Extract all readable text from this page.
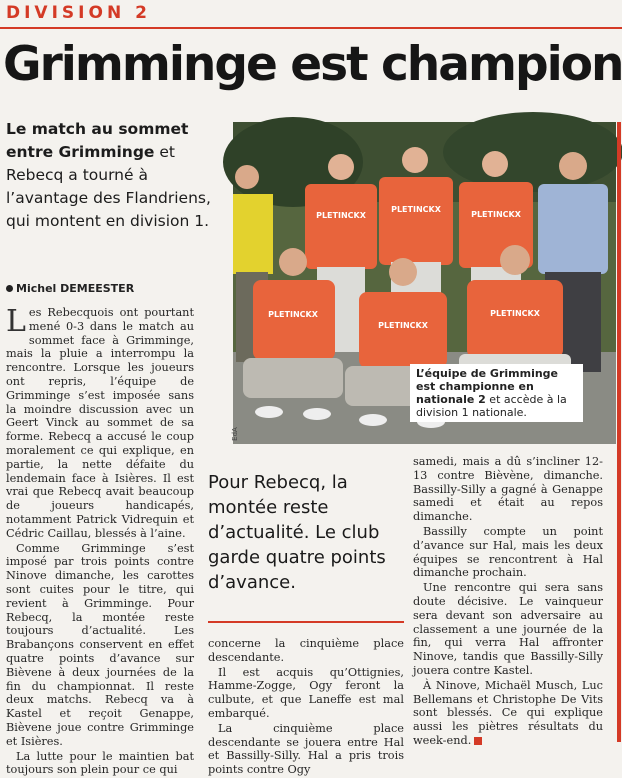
DIVISION 2
Grimminge est champion
Le match au sommet entre Grimminge et Rebecq a tourné à l’avantage des Flandriens, qui montent en division 1.
Michel DEMEESTER

Les Rebecquois ont pourtant mené 0-3 dans le match au sommet face à Grimminge, mais la pluie a interrompu la rencontre. Lorsque les joueurs ont repris, l’équipe de Grimminge s’est imposée sans la moindre discussion avec un Geert Vinck au sommet de sa forme. Rebecq a accusé le coup moralement ce qui explique, en partie, la nette défaite du lendemain face à Isières. Il est vrai que Rebecq avait beaucoup de joueurs handicapés, notamment Patrick Vidrequin et Cédric Caillau, blessés à l’aine.

Comme Grimminge s’est imposé par trois points contre Ninove dimanche, les carottes sont cuites pour le titre, qui revient à Grimminge. Pour Rebecq, la montée reste toujours d’actualité. Les Brabançons conservent en effet quatre points d’avance sur Bièvene à deux journées de la fin du championnat. Il reste deux matchs. Rebecq va à Kastel et reçoit Genappe, Bièvene joue contre Grimminge et Isières.

La lutte pour le maintien bat toujours son plein pour ce qui

PLETINCKX
PLETINCKX
PLETINCKX
PLETINCKX
PLETINCKX
PLETINCKX
EdA
L’équipe de Grimminge est championne en nationale 2 et accède à la division 1 nationale.
Pour Rebecq, la montée reste d’actualité. Le club garde quatre points d’avance.

concerne la cinquième place descendante.

Il est acquis qu’Ottignies, Hamme-Zogge, Ogy feront la culbute, et que Laneffe est mal embarqué.

La cinquième place descendante se jouera entre Hal et Bassilly-Silly. Hal a pris trois points contre Ogy

samedi, mais a dû s’incliner 12-13 contre Bièvène, dimanche. Bassilly-Silly a gagné à Genappe samedi et était au repos dimanche.

Bassilly compte un point d’avance sur Hal, mais les deux équipes se rencontrent à Hal dimanche prochain.

Une rencontre qui sera sans doute décisive. Le vainqueur sera devant son adversaire au classement a une journée de la fin, qui verra Hal affronter Ninove, tandis que Bassilly-Silly jouera contre Kastel.

À Ninove, Michaël Musch, Luc Bellemans et Christophe De Vits sont blessés. Ce qui explique aussi les piètres résultats du week-end.
